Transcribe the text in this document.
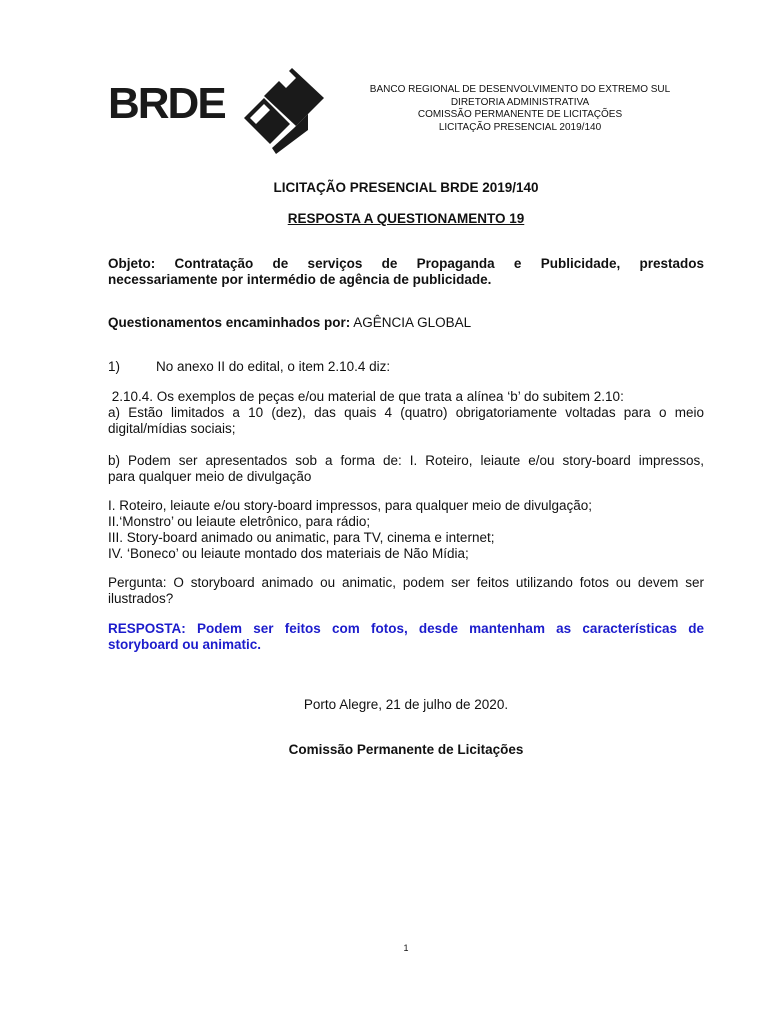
BRDE	BANCO REGIONAL DE DESENVOLVIMENTO DO EXTREMO SUL
DIRETORIA ADMINISTRATIVA
COMISSÃO PERMANENTE DE LICITAÇÕES
LICITAÇÃO PRESENCIAL 2019/140
LICITAÇÃO PRESENCIAL BRDE 2019/140
RESPOSTA A QUESTIONAMENTO 19
Objeto: Contratação de serviços de Propaganda e Publicidade, prestados
necessariamente por intermédio de agência de publicidade.
Questionamentos encaminhados por: AGÊNCIA GLOBAL
1)	No anexo II do edital, o item 2.10.4 diz:
2.10.4. Os exemplos de peças e/ou material de que trata a alínea ‘b’ do subitem 2.10:
a) Estão limitados a 10 (dez), das quais 4 (quatro) obrigatoriamente voltadas para o meio
digital/mídias sociais;
b) Podem ser apresentados sob a forma de: I. Roteiro, leiaute e/ou story-board impressos,
para qualquer meio de divulgação
I. Roteiro, leiaute e/ou story-board impressos, para qualquer meio de divulgação;
II.‘Monstro’ ou leiaute eletrônico, para rádio;
III. Story-board animado ou animatic, para TV, cinema e internet;
IV. ‘Boneco’ ou leiaute montado dos materiais de Não Mídia;
Pergunta: O storyboard animado ou animatic, podem ser feitos utilizando fotos ou devem ser
ilustrados?
RESPOSTA: Podem ser feitos com fotos, desde mantenham as características de
storyboard ou animatic.
Porto Alegre, 21 de julho de 2020.
Comissão Permanente de Licitações
1
